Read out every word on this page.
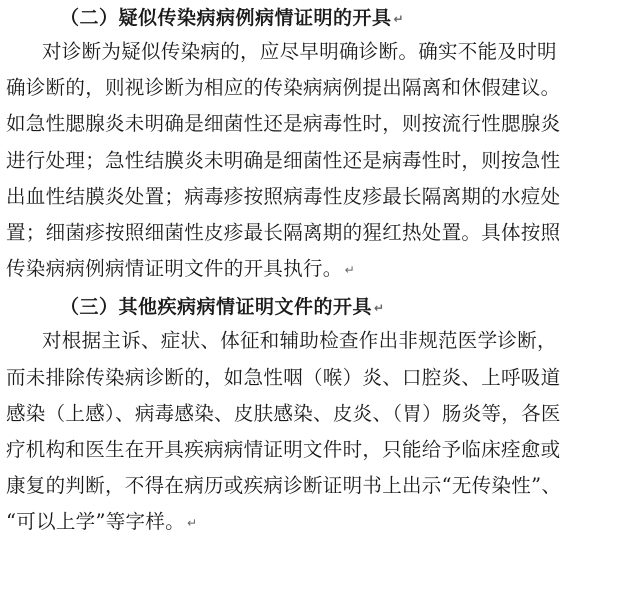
（二）疑似传染病病例病情证明的开具 ↵
对诊断为疑似传染病的，应尽早明确诊断。确实不能及时明
确诊断的，则视诊断为相应的传染病病例提出隔离和休假建议。
如急性腮腺炎未明确是细菌性还是病毒性时，则按流行性腮腺炎
进行处理；急性结膜炎未明确是细菌性还是病毒性时，则按急性
出血性结膜炎处置；病毒疹按照病毒性皮疹最长隔离期的水痘处
置；细菌疹按照细菌性皮疹最长隔离期的猩红热处置。具体按照
传染病病例病情证明文件的开具执行。 ↵
（三）其他疾病病情证明文件的开具 ↵
对根据主诉、症状、体征和辅助检查作出非规范医学诊断，
而未排除传染病诊断的，如急性咽（喉）炎、口腔炎、上呼吸道
感染（上感）、病毒感染、皮肤感染、皮炎、（胃）肠炎等，各医
疗机构和医生在开具疾病病情证明文件时，只能给予临床痊愈或
康复的判断，不得在病历或疾病诊断证明书上出示“无传染性”、
“可以上学”等字样。 ↵
